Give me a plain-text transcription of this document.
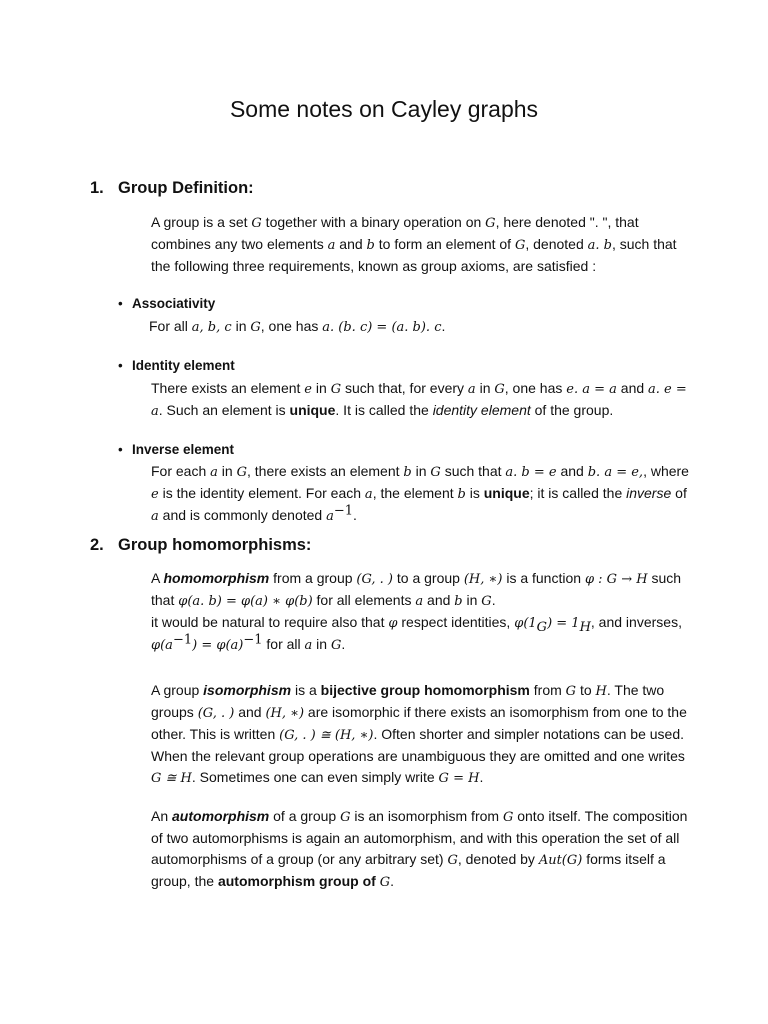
Some notes on Cayley graphs
1. Group Definition:
A group is a set G together with a binary operation on G, here denoted ". ", that combines any two elements a and b to form an element of G, denoted a. b, such that the following three requirements, known as group axioms, are satisfied :
• Associativity
For all a, b, c in G, one has a. (b. c) = (a. b). c.
• Identity element
There exists an element e in G such that, for every a in G, one has e. a = a and a. e = a. Such an element is unique. It is called the identity element of the group.
• Inverse element
For each a in G, there exists an element b in G such that a. b = e and b. a = e,, where e is the identity element. For each a, the element b is unique; it is called the inverse of a and is commonly denoted $a^{-1}$.
2. Group homomorphisms:
A homomorphism from a group (G, . ) to a group (H, ∗) is a function φ : G → H such that φ(a. b) = φ(a) ∗ φ(b) for all elements a and b in G.
it would be natural to require also that φ respect identities, $\varphi(1_G) = 1_H$, and inverses, $\varphi(a^{-1}) = \varphi(a)^{-1}$ for all a in G.
A group isomorphism is a bijective group homomorphism from G to H. The two groups (G, . ) and (H, ∗) are isomorphic if there exists an isomorphism from one to the other. This is written (G, . ) ≅ (H, ∗). Often shorter and simpler notations can be used. When the relevant group operations are unambiguous they are omitted and one writes G ≅ H. Sometimes one can even simply write G = H.
An automorphism of a group G is an isomorphism from G onto itself. The composition of two automorphisms is again an automorphism, and with this operation the set of all automorphisms of a group (or any arbitrary set) G, denoted by Aut(G) forms itself a group, the automorphism group of G.
